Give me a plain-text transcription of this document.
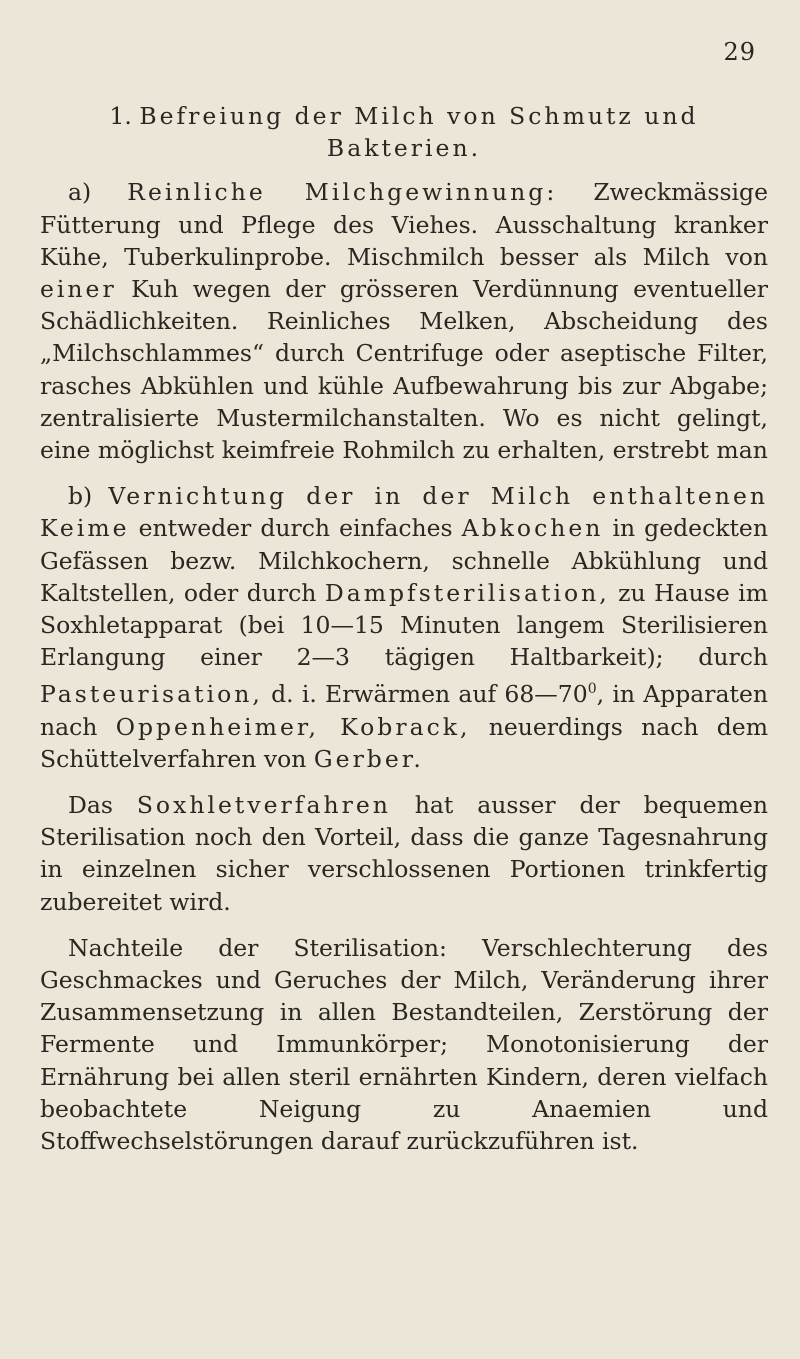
29

1. Befreiung der Milch von Schmutz und
Bakterien.

a) Reinliche Milchgewinnung: Zweckmässige Fütterung und Pflege des Viehes. Ausschaltung kranker Kühe, Tuberkulinprobe. Mischmilch besser als Milch von einer Kuh wegen der grösseren Verdünnung eventueller Schädlichkeiten. Reinliches Melken, Abscheidung des „Milchschlammes“ durch Centrifuge oder aseptische Filter, rasches Abkühlen und kühle Aufbewahrung bis zur Abgabe; zentralisierte Mustermilchanstalten. Wo es nicht gelingt, eine möglichst keimfreie Rohmilch zu erhalten, erstrebt man

b) Vernichtung der in der Milch enthaltenen Keime entweder durch einfaches Abkochen in gedeckten Gefässen bezw. Milchkochern, schnelle Abkühlung und Kaltstellen, oder durch Dampfsterilisation, zu Hause im Soxhletapparat (bei 10—15 Minuten langem Sterilisieren Erlangung einer 2—3 tägigen Haltbarkeit); durch Pasteurisation, d. i. Erwärmen auf $68—70^0$, in Apparaten nach Oppenheimer, Kobrack, neuerdings nach dem Schüttelverfahren von Gerber.

Das Soxhletverfahren hat ausser der bequemen Sterilisation noch den Vorteil, dass die ganze Tagesnahrung in einzelnen sicher verschlossenen Portionen trinkfertig zubereitet wird.

Nachteile der Sterilisation: Verschlechterung des Geschmackes und Geruches der Milch, Veränderung ihrer Zusammensetzung in allen Bestandteilen, Zerstörung der Fermente und Immunkörper; Monotonisierung der Ernährung bei allen steril ernährten Kindern, deren vielfach beobachtete Neigung zu Anaemien und Stoffwechselstörungen darauf zurückzuführen ist.
